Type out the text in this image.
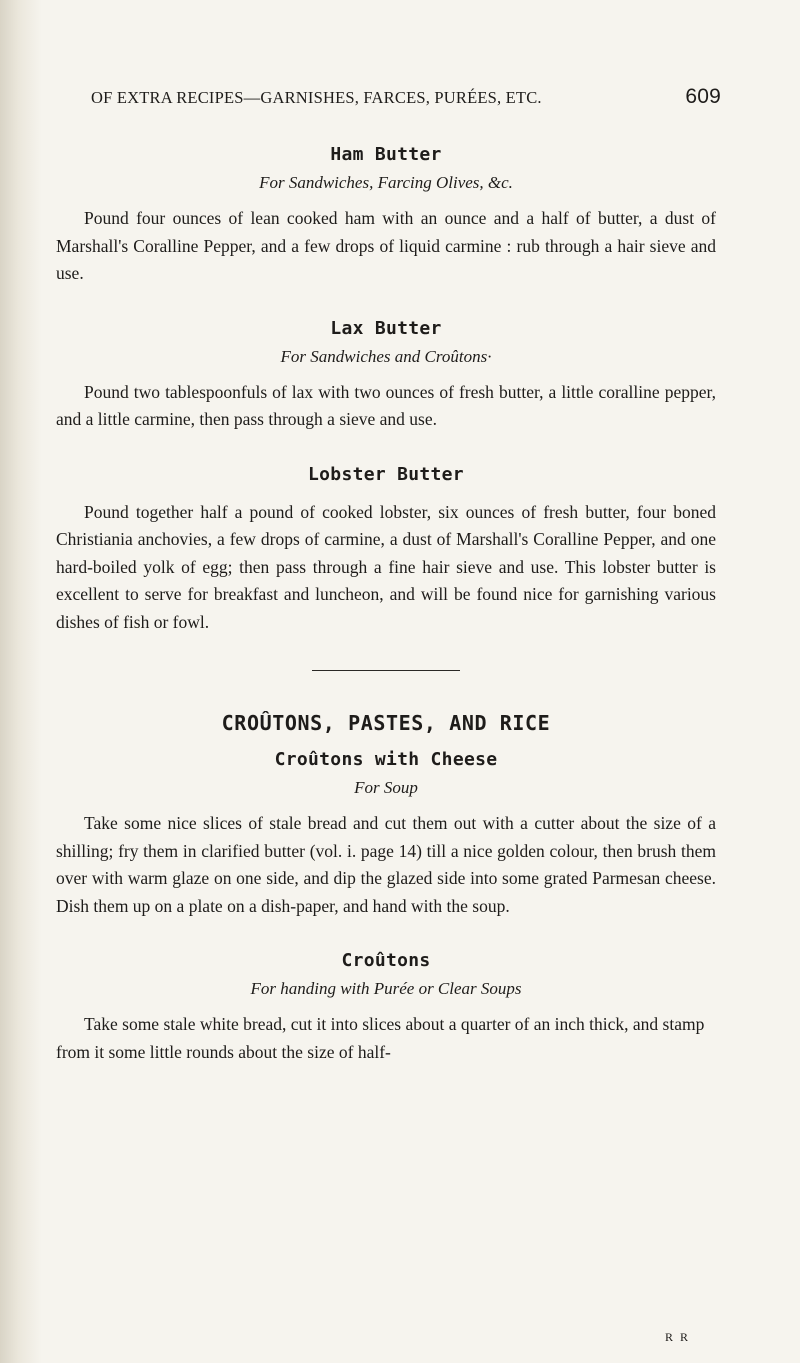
OF EXTRA RECIPES—GARNISHES, FARCES, PURÉES, ETC.	609
Ham Butter

For Sandwiches, Farcing Olives, &c.

Pound four ounces of lean cooked ham with an ounce and a half of butter, a dust of Marshall's Coralline Pepper, and a few drops of liquid carmine : rub through a hair sieve and use.

Lax Butter

For Sandwiches and Croûtons·

Pound two tablespoonfuls of lax with two ounces of fresh butter, a little coralline pepper, and a little carmine, then pass through a sieve and use.

Lobster Butter

Pound together half a pound of cooked lobster, six ounces of fresh butter, four boned Christiania anchovies, a few drops of carmine, a dust of Marshall's Coralline Pepper, and one hard-boiled yolk of egg; then pass through a fine hair sieve and use. This lobster butter is excellent to serve for breakfast and luncheon, and will be found nice for garnishing various dishes of fish or fowl.

CROÛTONS, PASTES, AND RICE
Croûtons with Cheese

For Soup

Take some nice slices of stale bread and cut them out with a cutter about the size of a shilling; fry them in clarified butter (vol. i. page 14) till a nice golden colour, then brush them over with warm glaze on one side, and dip the glazed side into some grated Parmesan cheese. Dish them up on a plate on a dish-paper, and hand with the soup.

Croûtons

For handing with Purée or Clear Soups

Take some stale white bread, cut it into slices about a quarter of an inch thick, and stamp from it some little rounds about the size of half-

R R
